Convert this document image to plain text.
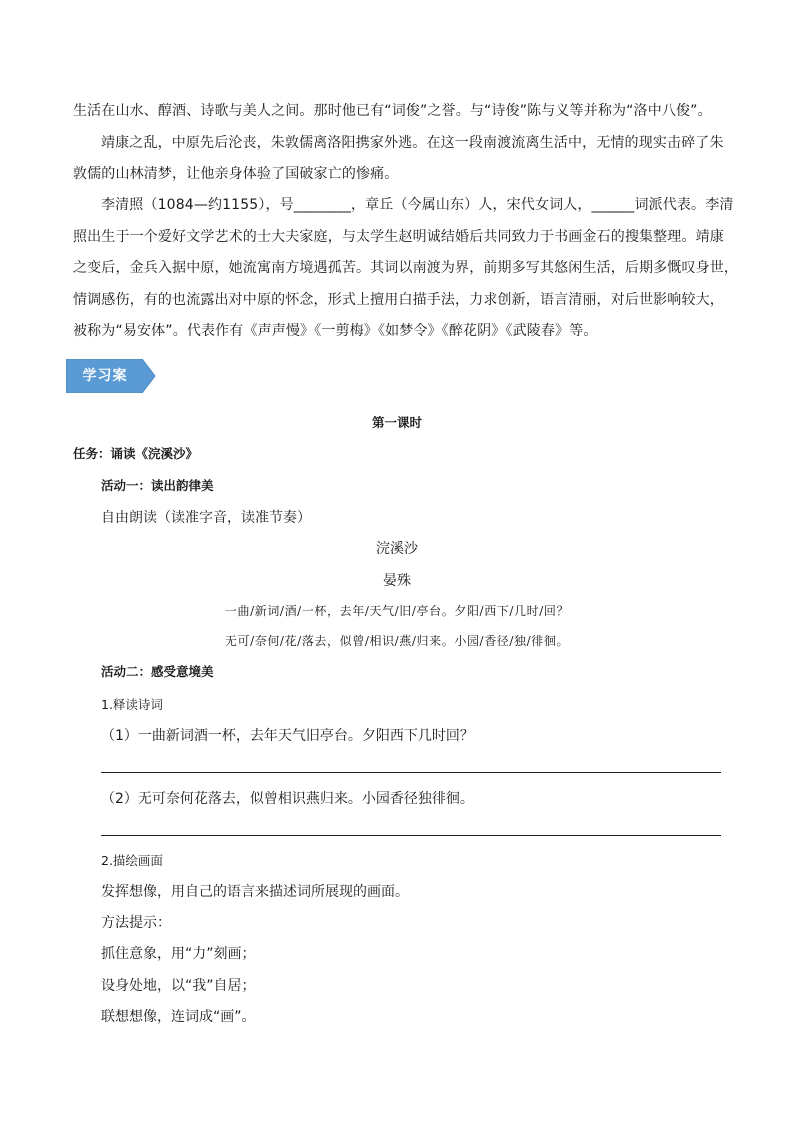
生活在山水、醇酒、诗歌与美人之间。那时他已有“词俊”之誉。与“诗俊”陈与义等并称为“洛中八俊”。
靖康之乱，中原先后沦丧，朱敦儒离洛阳携家外逃。在这一段南渡流离生活中，无情的现实击碎了朱
敦儒的山林清梦，让他亲身体验了国破家亡的惨痛。
李清照（1084—约1155），号________，章丘（今属山东）人，宋代女词人，______词派代表。李清
照出生于一个爱好文学艺术的士大夫家庭，与太学生赵明诚结婚后共同致力于书画金石的搜集整理。靖康
之变后，金兵入据中原，她流寓南方境遇孤苦。其词以南渡为界，前期多写其悠闲生活，后期多慨叹身世，
情调感伤，有的也流露出对中原的怀念，形式上擅用白描手法，力求创新，语言清丽，对后世影响较大，
被称为“易安体”。代表作有《声声慢》《一剪梅》《如梦令》《醉花阴》《武陵春》等。
学习案
第一课时
任务：诵读《浣溪沙》
活动一：读出韵律美
自由朗读（读准字音，读准节奏）
浣溪沙
晏殊
一曲/新词/酒/一杯，去年/天气/旧/亭台。夕阳/西下/几时/回？
无可/奈何/花/落去，似曾/相识/燕/归来。小园/香径/独/徘徊。
活动二：感受意境美
1.释读诗词
（1）一曲新词酒一杯，去年天气旧亭台。夕阳西下几时回？
（2）无可奈何花落去，似曾相识燕归来。小园香径独徘徊。
2.描绘画面
发挥想像，用自己的语言来描述词所展现的画面。
方法提示：
抓住意象，用“力”刻画；
设身处地，以“我”自居；
联想想像，连词成“画”。
